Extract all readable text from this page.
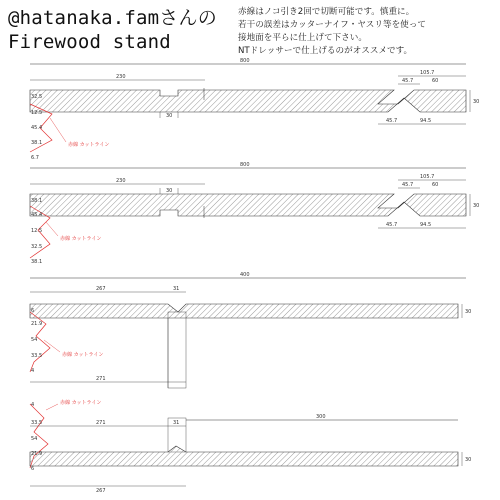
@hatanaka.famさんの
Firewood stand
赤線はノコ引き2回で切断可能です。慎重に。
若干の誤差はカッターナイフ・ヤスリ等を使って
接地面を平らに仕上げて下さい。
NTドレッサーで仕上げるのがオススメです。
800
230
105.7
45.7	60
30
45.7	94.5
30
赤線 カットライン
32.5
12.5
45.4
38.1
6.7
800
230
105.7
45.7	60
30
45.7	94.5
30
赤線 カットライン
38.1
45.4
12.5
32.5
38.1
400
267	31
271
30
赤線 カットライン
6
21.9
54
33.5
4
赤線 カットライン
271	31
300
30
267
4
33.5
54
21.9
6
